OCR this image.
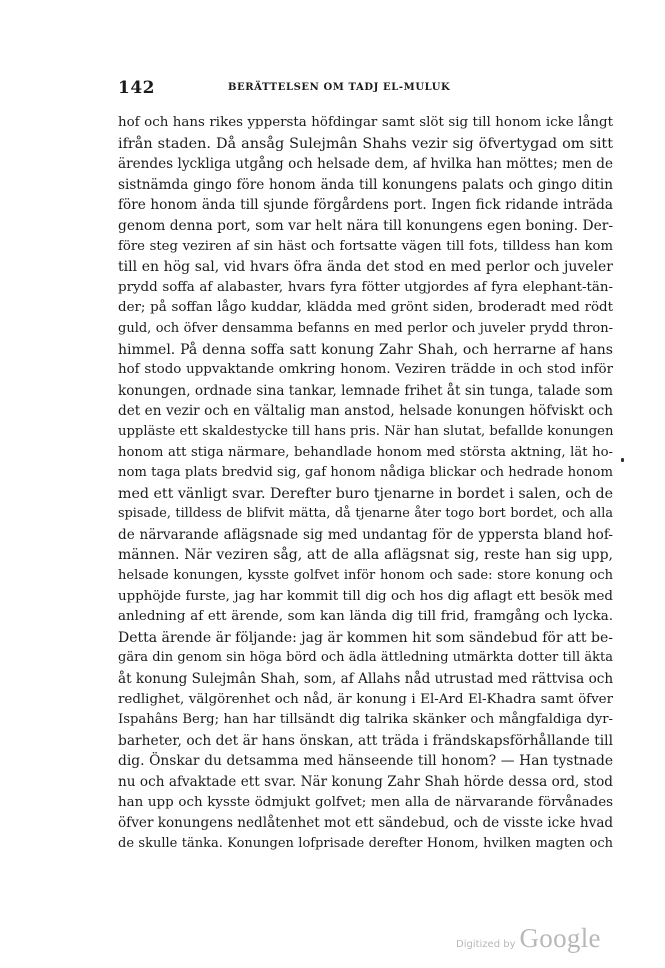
142	BERÄTTELSEN OM TADJ EL-MULUK
hof och hans rikes yppersta höfdingar samt slöt sig till honom icke långt
ifrån staden. Då ansåg Sulejmân Shahs vezir sig öfvertygad om sitt
ärendes lyckliga utgång och helsade dem, af hvilka han möttes; men de
sistnämda gingo före honom ända till konungens palats och gingo ditin
före honom ända till sjunde förgårdens port. Ingen fick ridande inträda
genom denna port, som var helt nära till konungens egen boning. Der-
före steg veziren af sin häst och fortsatte vägen till fots, tilldess han kom
till en hög sal, vid hvars öfra ända det stod en med perlor och juveler
prydd soffa af alabaster, hvars fyra fötter utgjordes af fyra elephant-tän-
der; på soffan lågo kuddar, klädda med grönt siden, broderadt med rödt
guld, och öfver densamma befanns en med perlor och juveler prydd thron-
himmel. På denna soffa satt konung Zahr Shah, och herrarne af hans
hof stodo uppvaktande omkring honom. Veziren trädde in och stod inför
konungen, ordnade sina tankar, lemnade frihet åt sin tunga, talade som
det en vezir och en vältalig man anstod, helsade konungen höfviskt och
uppläste ett skaldestycke till hans pris. När han slutat, befallde konungen
honom att stiga närmare, behandlade honom med största aktning, lät ho-
nom taga plats bredvid sig, gaf honom nådiga blickar och hedrade honom
med ett vänligt svar. Derefter buro tjenarne in bordet i salen, och de
spisade, tilldess de blifvit mätta, då tjenarne åter togo bort bordet, och alla
de närvarande aflägsnade sig med undantag för de yppersta bland hof-
männen. När veziren såg, att de alla aflägsnat sig, reste han sig upp,
helsade konungen, kysste golfvet inför honom och sade: store konung och
upphöjde furste, jag har kommit till dig och hos dig aflagt ett besök med
anledning af ett ärende, som kan lända dig till frid, framgång och lycka.
Detta ärende är följande: jag är kommen hit som sändebud för att be-
gära din genom sin höga börd och ädla ättledning utmärkta dotter till äkta
åt konung Sulejmân Shah, som, af Allahs nåd utrustad med rättvisa och
redlighet, välgörenhet och nåd, är konung i El-Ard El-Khadra samt öfver
Ispahâns Berg; han har tillsändt dig talrika skänker och mångfaldiga dyr-
barheter, och det är hans önskan, att träda i frändskapsförhållande till
dig. Önskar du detsamma med hänseende till honom? — Han tystnade
nu och afvaktade ett svar. När konung Zahr Shah hörde dessa ord, stod
han upp och kysste ödmjukt golfvet; men alla de närvarande förvånades
öfver konungens nedlåtenhet mot ett sändebud, och de visste icke hvad
de skulle tänka. Konungen lofprisade derefter Honom, hvilken magten och
Digitized by Google
